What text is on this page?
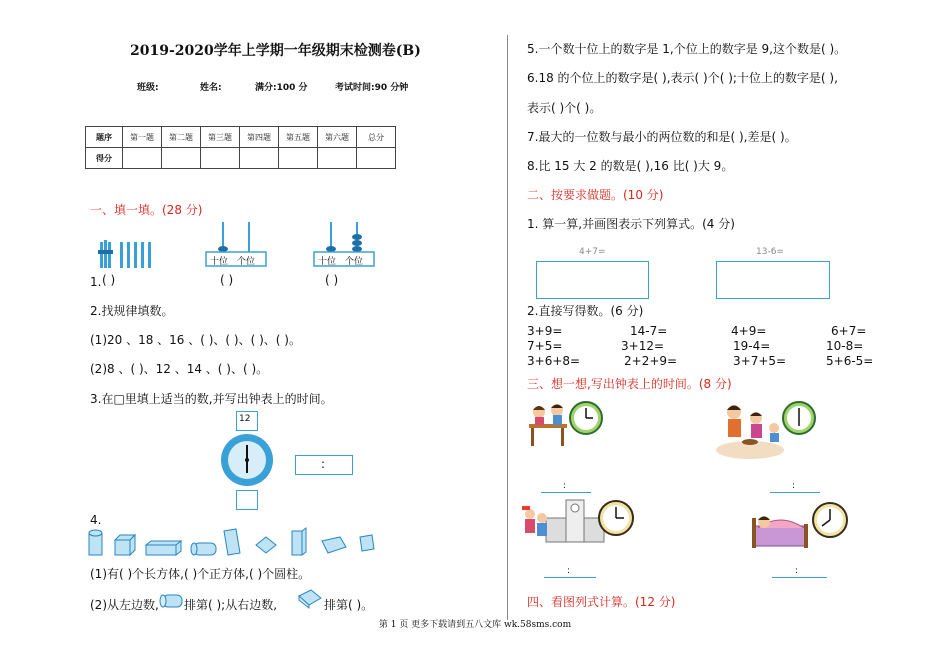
2019-2020学年上学期一年级期末检测卷(B)
班级:	姓名:	满分:100 分	考试时间:90 分钟
题序	第一题	第二题	第三题	第四题	第五题	第六题	总分
得分							
一、填一填。(28 分)
1. ( )
十位 个位
( )
十位 个位
( )
2.找规律填数。
(1)20 、18 、16 、( )、( )、( )、( )。
(2)8 、( )、12 、14 、( )、( )。
3.在□里填上适当的数,并写出钟表上的时间。
12
:
4.
(1)有( )个长方体,( )个正方体,( )个圆柱。
(2)从左边数, 排第( );从右边数,	排第( )。
5.一个数十位上的数字是 1,个位上的数字是 9,这个数是( )。
6.18 的个位上的数字是( ),表示( )个( );十位上的数字是( ),
表示( )个( )。
7.最大的一位数与最小的两位数的和是( ),差是( )。
8.比 15 大 2 的数是( ),16 比( )大 9。
二、按要求做题。(10 分)
1. 算一算,并画图表示下列算式。(4 分)
4+7=	13-6=
2.直接写得数。(6 分)
3+9=	14-7=	4+9=	6+7=
7+5=	3+12=	19-4=	10-8=
3+6+8=	2+2+9=	3+7+5=	5+6-5=
三、想一想,写出钟表上的时间。(8 分)
:	:
:	:
四、看图列式计算。(12 分)
第 1 页 更多下载请到五八文库 wk.58sms.com
